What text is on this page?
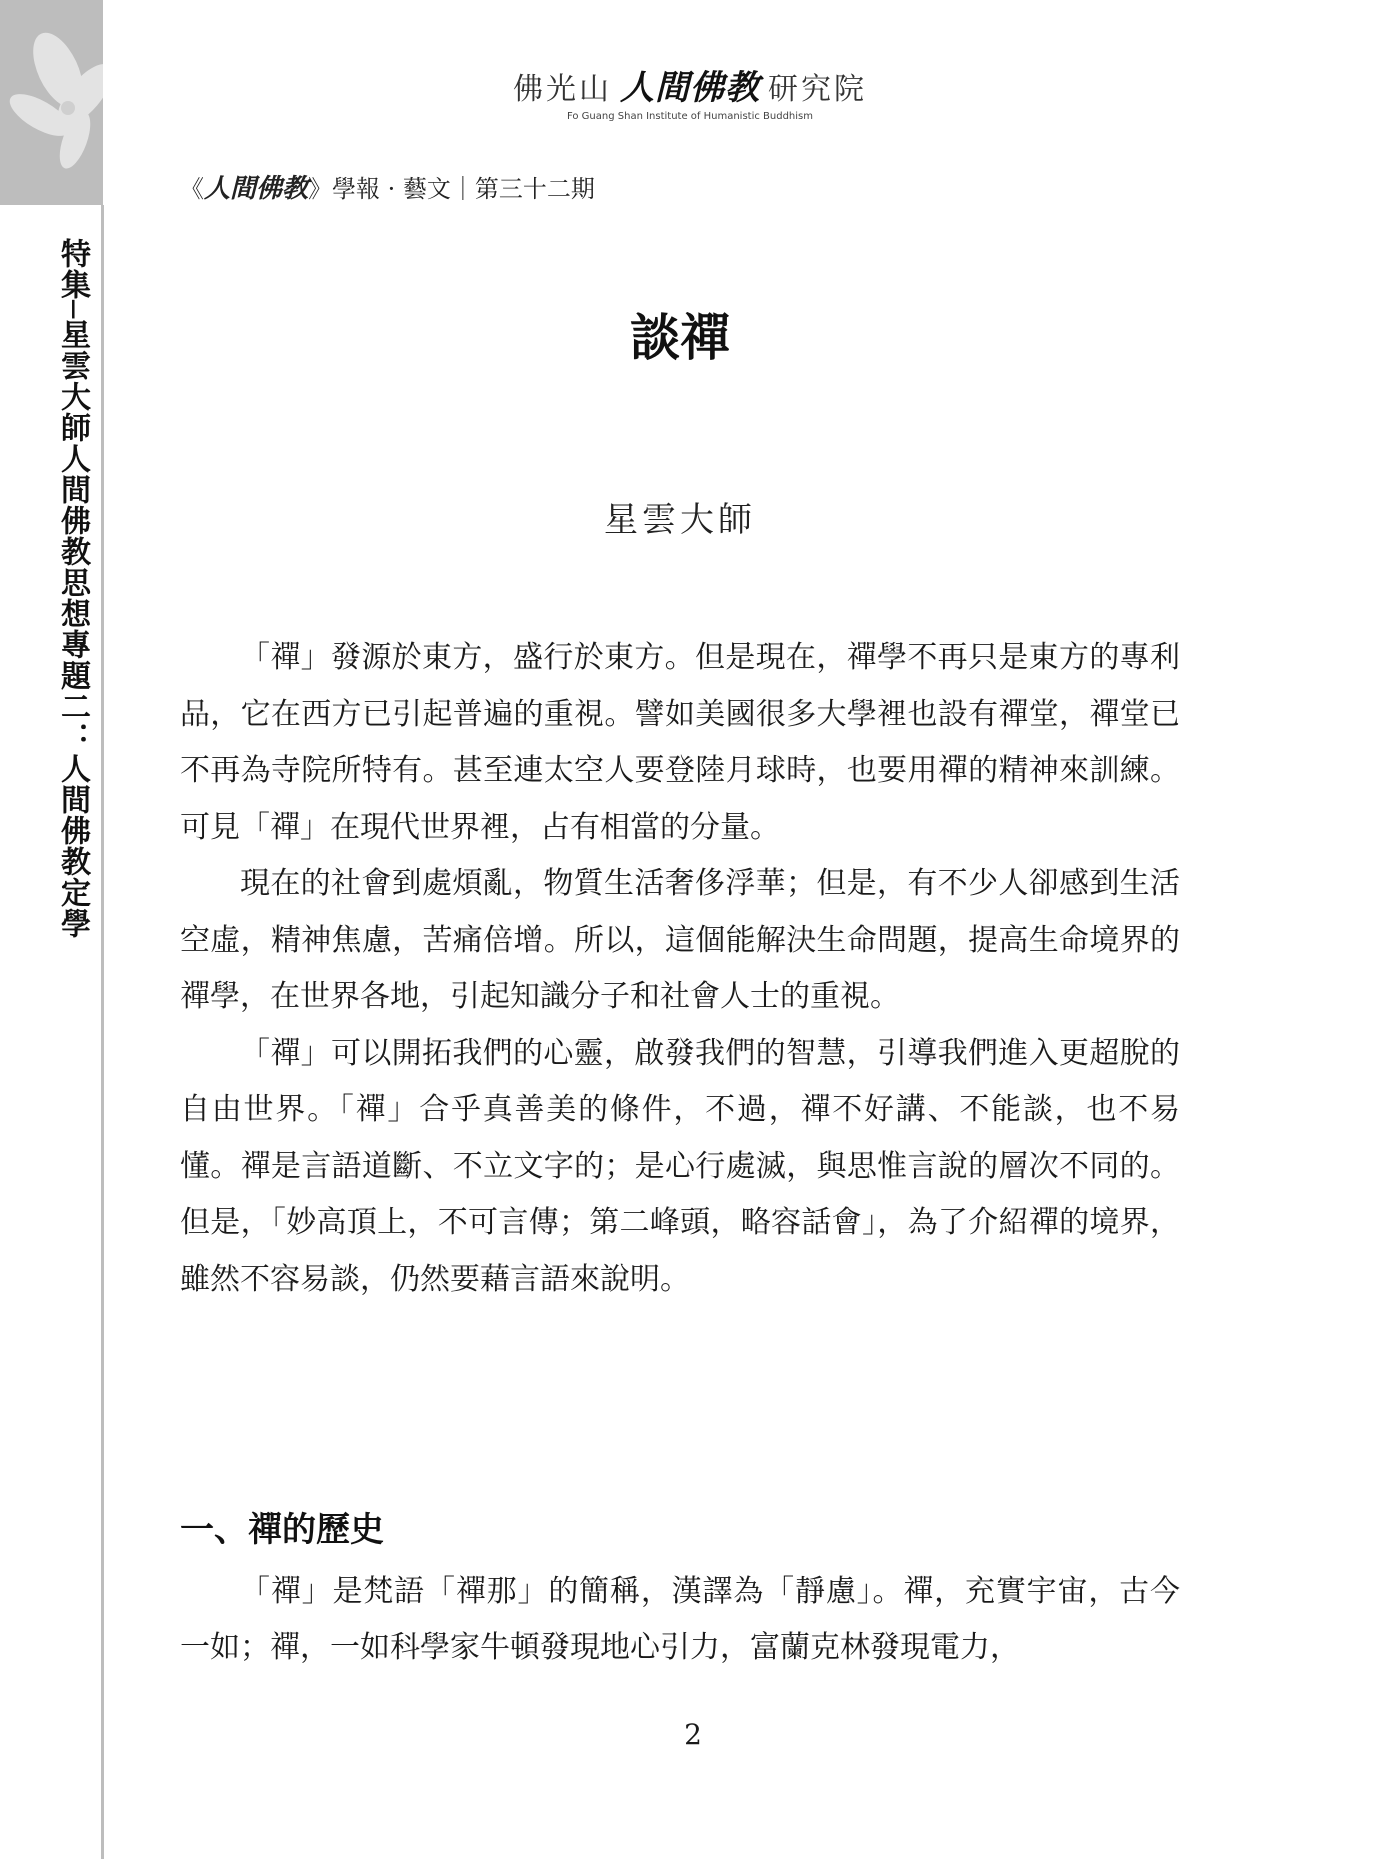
佛光山 人間佛教 研究院
Fo Guang Shan Institute of Humanistic Buddhism
《人間佛教》學報 · 藝文｜第三十二期
特集─星雲大師人間佛教思想專題二：人間佛教定學	談禪
星雲大師

「禪」發源於東方，盛行於東方。但是現在，禪學不再只是東方的專利品，它在西方已引起普遍的重視。譬如美國很多大學裡也設有禪堂，禪堂已不再為寺院所特有。甚至連太空人要登陸月球時，也要用禪的精神來訓練。可見「禪」在現代世界裡，占有相當的分量。

現在的社會到處煩亂，物質生活奢侈浮華；但是，有不少人卻感到生活空虛，精神焦慮，苦痛倍增。所以，這個能解決生命問題，提高生命境界的禪學，在世界各地，引起知識分子和社會人士的重視。

「禪」可以開拓我們的心靈，啟發我們的智慧，引導我們進入更超脫的自由世界。「禪」合乎真善美的條件，不過，禪不好講、不能談，也不易懂。禪是言語道斷、不立文字的；是心行處滅，與思惟言說的層次不同的。但是，「妙高頂上，不可言傳；第二峰頭，略容話會」，為了介紹禪的境界，雖然不容易談，仍然要藉言語來說明。

一、禪的歷史

「禪」是梵語「禪那」的簡稱，漢譯為「靜慮」。禪，充實宇宙，古今一如；禪，一如科學家牛頓發現地心引力，富蘭克林發現電力，

2
